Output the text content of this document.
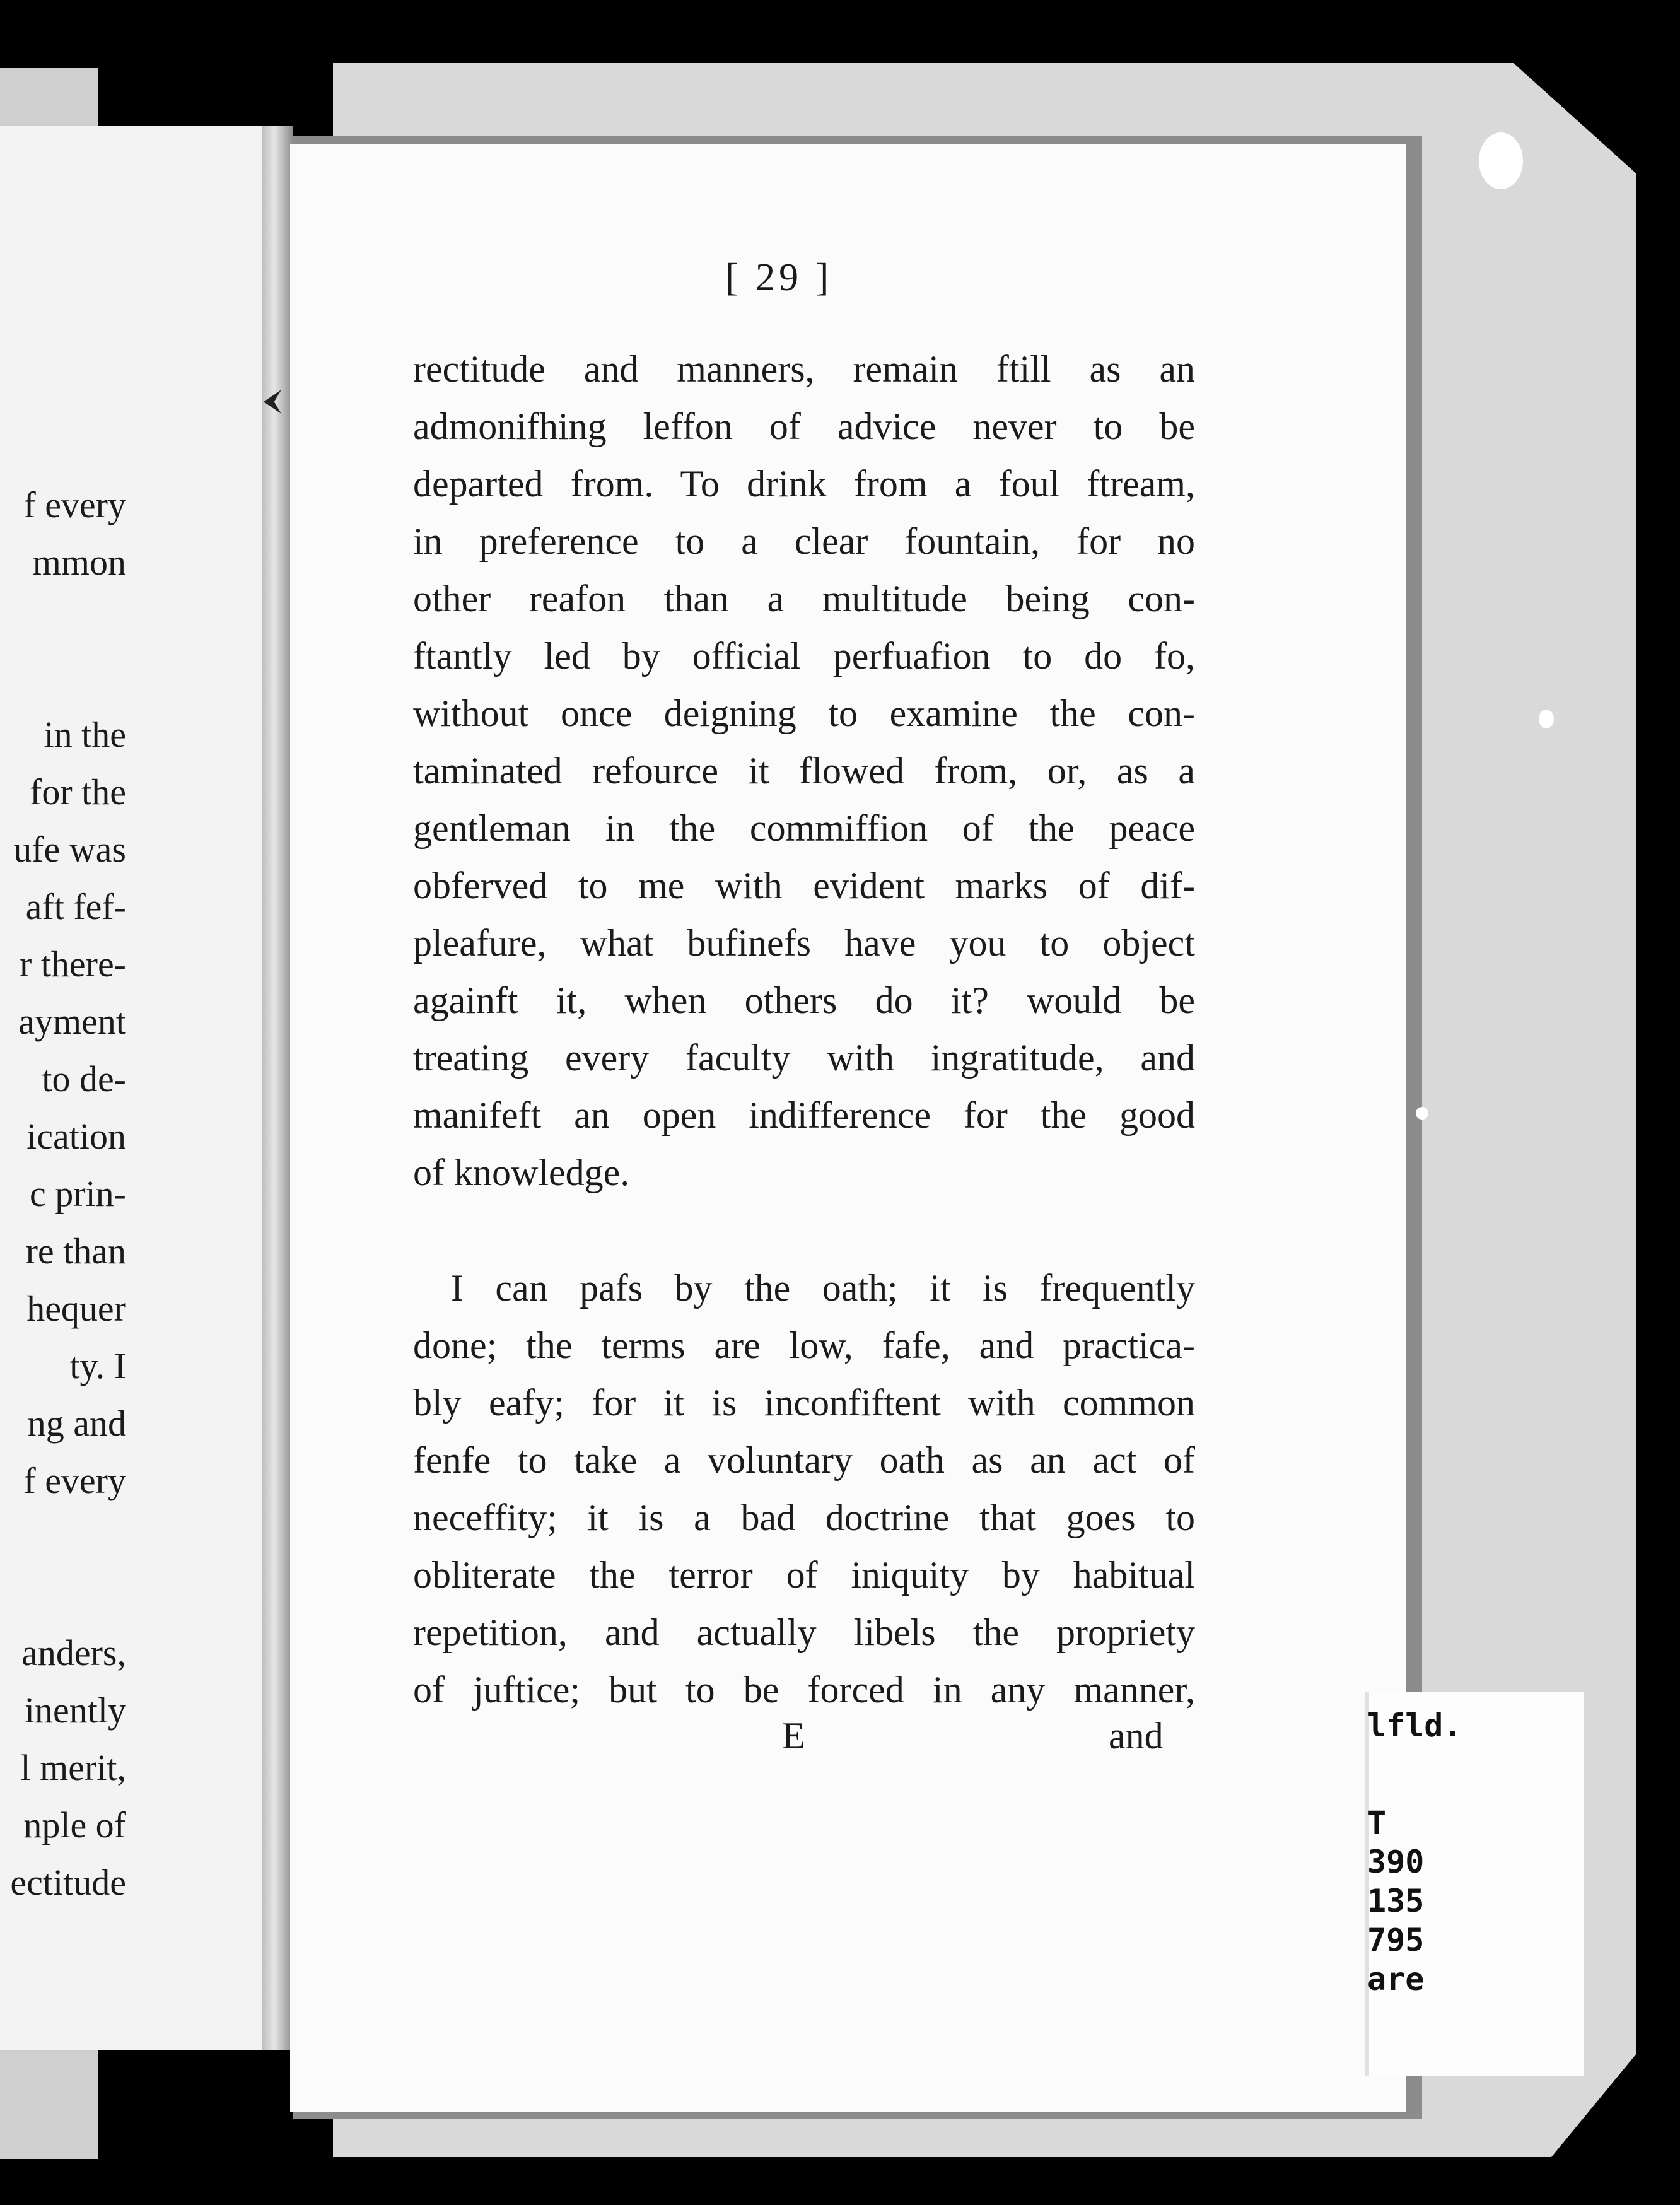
f every
mmon
in the
for the
ufe was
aft fef-
r there-
ayment
to de-
ication
c prin-
re than
hequer
ty. I
ng and
f every
anders,
inently
l merit,
nple of
ectitude
[ 29 ]
rectitude and manners, remain ftill as an
admonifhing leffon of advice never to be
departed from. To drink from a foul ftream,
in preference to a clear fountain, for no
other reafon than a multitude being con-
ftantly led by official perfuafion to do fo,
without once deigning to examine the con-
taminated refource it flowed from, or, as a
gentleman in the commiffion of the peace
obferved to me with evident marks of dif-
pleafure, what bufinefs have you to object
againft it, when others do it? would be
treating every faculty with ingratitude, and
manifeft an open indifference for the good
of knowledge.
I can pafs by the oath; it is frequently
done; the terms are low, fafe, and practica-
bly eafy; for it is inconfiftent with common
fenfe to take a voluntary oath as an act of
neceffity; it is a bad doctrine that goes to
obliterate the terror of iniquity by habitual
repetition, and actually libels the propriety
of juftice; but to be forced in any manner,
E	and	lfld.
T
390
135
795
are
